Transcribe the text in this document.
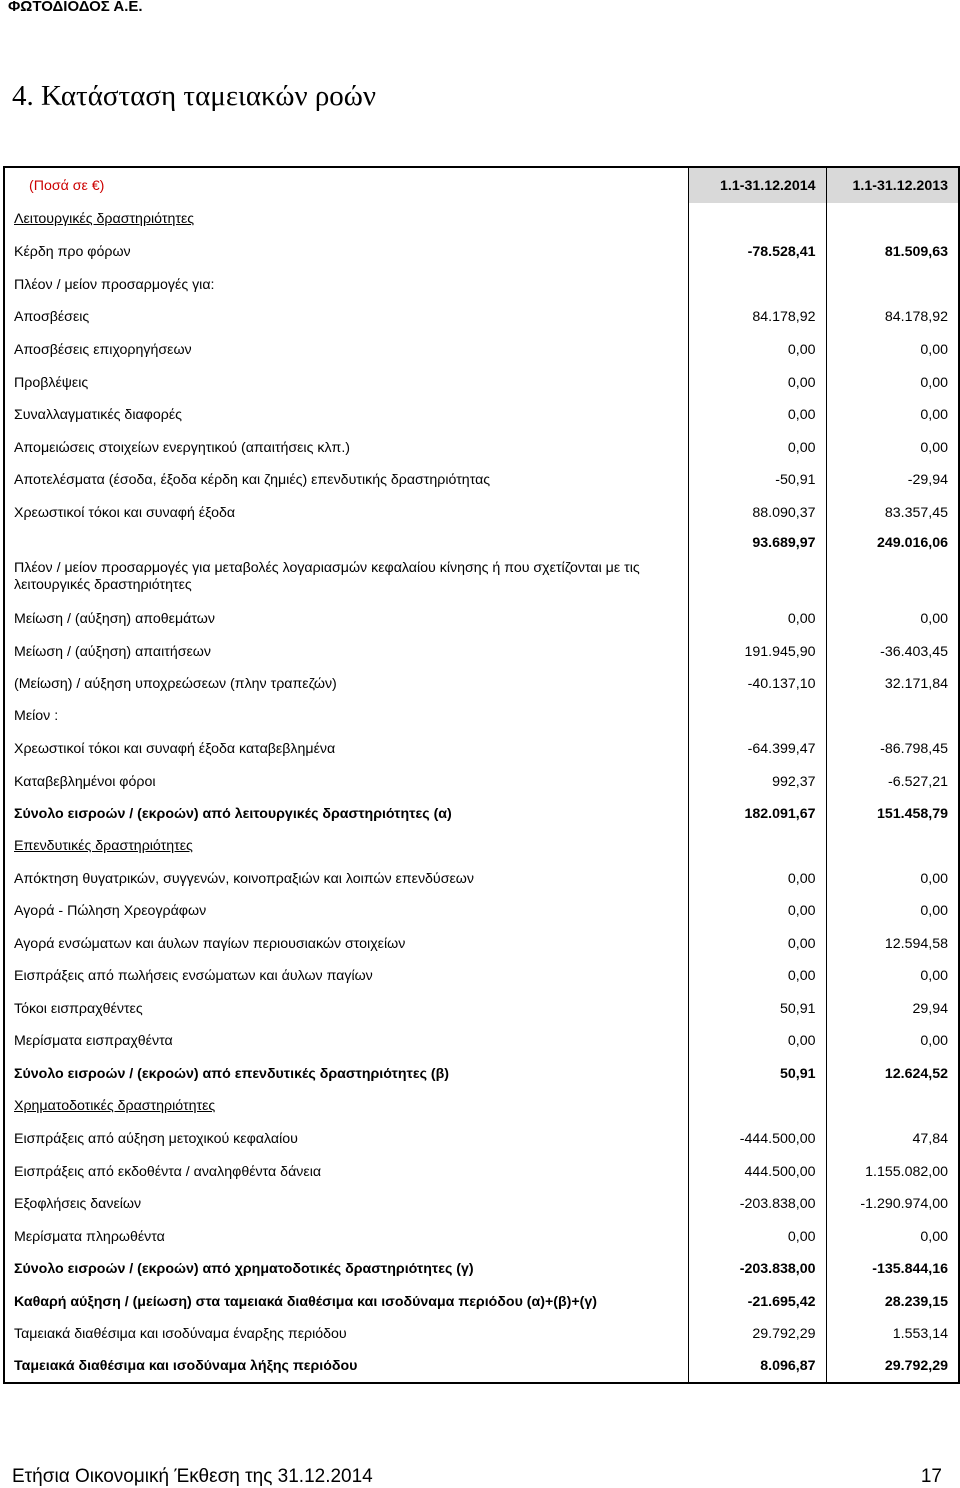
ΦΩΤΟΔΙΟΔΟΣ Α.Ε.
4. Κατάσταση ταμειακών ροών
(Ποσά σε €)	1.1-31.12.2014	1.1-31.12.2013
Λειτουργικές δραστηριότητες		
Κέρδη προ φόρων	-78.528,41	81.509,63
Πλέον / μείον προσαρμογές για:		
Αποσβέσεις	84.178,92	84.178,92
Αποσβέσεις επιχορηγήσεων	0,00	0,00
Προβλέψεις	0,00	0,00
Συναλλαγματικές διαφορές	0,00	0,00
Απομειώσεις στοιχείων ενεργητικού (απαιτήσεις κλπ.)	0,00	0,00
Αποτελέσματα (έσοδα, έξοδα κέρδη και ζημιές) επενδυτικής δραστηριότητας	-50,91	-29,94
Χρεωστικοί τόκοι και συναφή έξοδα	88.090,37	83.357,45
Πλέον / μείον προσαρμογές για μεταβολές λογαριασμών κεφαλαίου κίνησης ή που σχετίζονται με τις λειτουργικές δραστηριότητες	93.689,97	249.016,06
Μείωση / (αύξηση) αποθεμάτων	0,00	0,00
Μείωση / (αύξηση) απαιτήσεων	191.945,90	-36.403,45
(Μείωση) / αύξηση υποχρεώσεων (πλην τραπεζών)	-40.137,10	32.171,84
Μείον :		
Χρεωστικοί τόκοι και συναφή έξοδα καταβεβλημένα	-64.399,47	-86.798,45
Καταβεβλημένοι φόροι	992,37	-6.527,21
Σύνολο εισροών / (εκροών) από λειτουργικές δραστηριότητες (α)	182.091,67	151.458,79
Επενδυτικές δραστηριότητες		
Απόκτηση θυγατρικών, συγγενών, κοινοπραξιών και λοιπών επενδύσεων	0,00	0,00
Αγορά - Πώληση Χρεογράφων	0,00	0,00
Αγορά ενσώματων και άυλων παγίων περιουσιακών στοιχείων	0,00	12.594,58
Εισπράξεις από πωλήσεις ενσώματων και άυλων παγίων	0,00	0,00
Τόκοι εισπραχθέντες	50,91	29,94
Μερίσματα εισπραχθέντα	0,00	0,00
Σύνολο εισροών / (εκροών) από επενδυτικές δραστηριότητες (β)	50,91	12.624,52
Χρηματοδοτικές δραστηριότητες		
Εισπράξεις από αύξηση μετοχικού κεφαλαίου	-444.500,00	47,84
Εισπράξεις από εκδοθέντα / αναληφθέντα δάνεια	444.500,00	1.155.082,00
Εξοφλήσεις δανείων	-203.838,00	-1.290.974,00
Μερίσματα πληρωθέντα	0,00	0,00
Σύνολο εισροών / (εκροών) από χρηματοδοτικές δραστηριότητες (γ)	-203.838,00	-135.844,16
Καθαρή αύξηση / (μείωση) στα ταμειακά διαθέσιμα και ισοδύναμα περιόδου (α)+(β)+(γ)	-21.695,42	28.239,15
Ταμειακά διαθέσιμα και ισοδύναμα έναρξης περιόδου	29.792,29	1.553,14
Ταμειακά διαθέσιμα και ισοδύναμα λήξης περιόδου	8.096,87	29.792,29
Ετήσια Οικονομική Έκθεση της 31.12.2014	17
